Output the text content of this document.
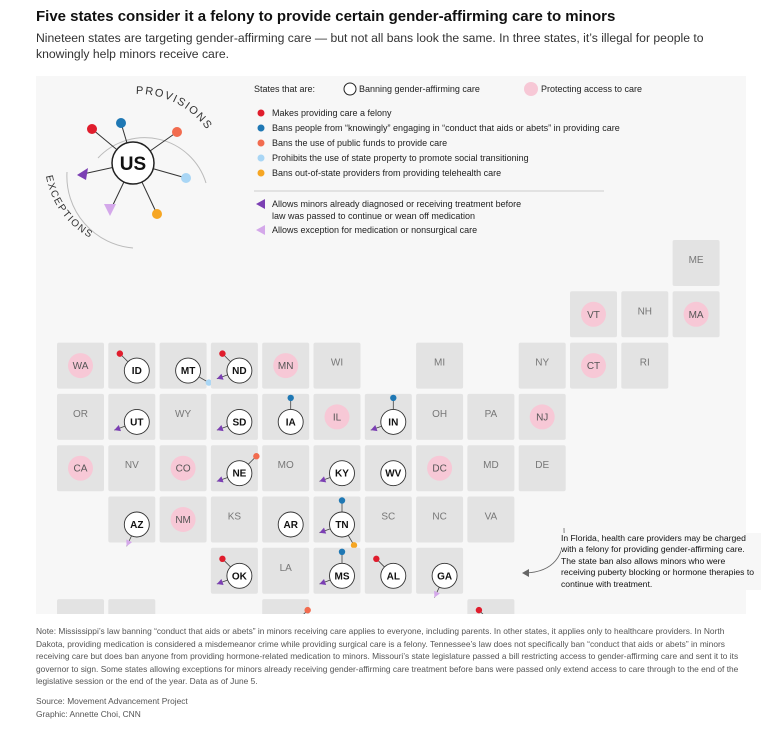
Five states consider it a felony to provide certain gender-affirming care to minors
Nineteen states are targeting gender-affirming care — but not all bans look the same. In three states, it’s illegal for people to knowingly help minors receive care.
ME
VT	NH	MA
WA	ID	MT	ND	MN	WI	MI	NY	CT	RI
OR
UT
WY
SD	IA	IL	IN
OH	PA	NJ
CA	NV	CO	NE
MO
KY	WV	DC	MD	DE
AZ	NM	KS
AR	TN
SC	NC	VA
OK
LA
MS	AL	GA
PROVISIONS
EXCEPTIONS
US
States that are:	Banning gender-affirming care	Protecting access to care
Makes providing care a felony
Bans people from “knowingly” engaging in “conduct that aids or abets” in providing care
Bans the use of public funds to provide care
Prohibits the use of state property to promote social transitioning
Bans out-of-state providers from providing telehealth care
Allows minors already diagnosed or receiving treatment before
law was passed to continue or wean off medication
Allows exception for medication or nonsurgical care
In Florida, health care providers may be charged with a felony for providing gender-affirming care. The state ban also allows minors who were receiving puberty blocking or hormone therapies to continue with treatment.
Note: Mississippi’s law banning “conduct that aids or abets” in minors receiving care applies to everyone, including parents. In other states, it applies only to healthcare providers. In North Dakota, providing medication is considered a misdemeanor crime while providing surgical care is a felony. Tennessee’s law does not specifically ban “conduct that aids or abets” in minors receiving care but does ban anyone from providing hormone-related medication to minors. Missouri’s state legislature passed a bill restricting access to gender-affirming care and sent it to its governor to sign. Some states allowing exceptions for minors already receiving gender-affirming care treatment before bans were passed only extend access to care through to the end of the legislative session or the end of the year. Data as of June 5.
Source: Movement Advancement Project
Graphic: Annette Choi, CNN
